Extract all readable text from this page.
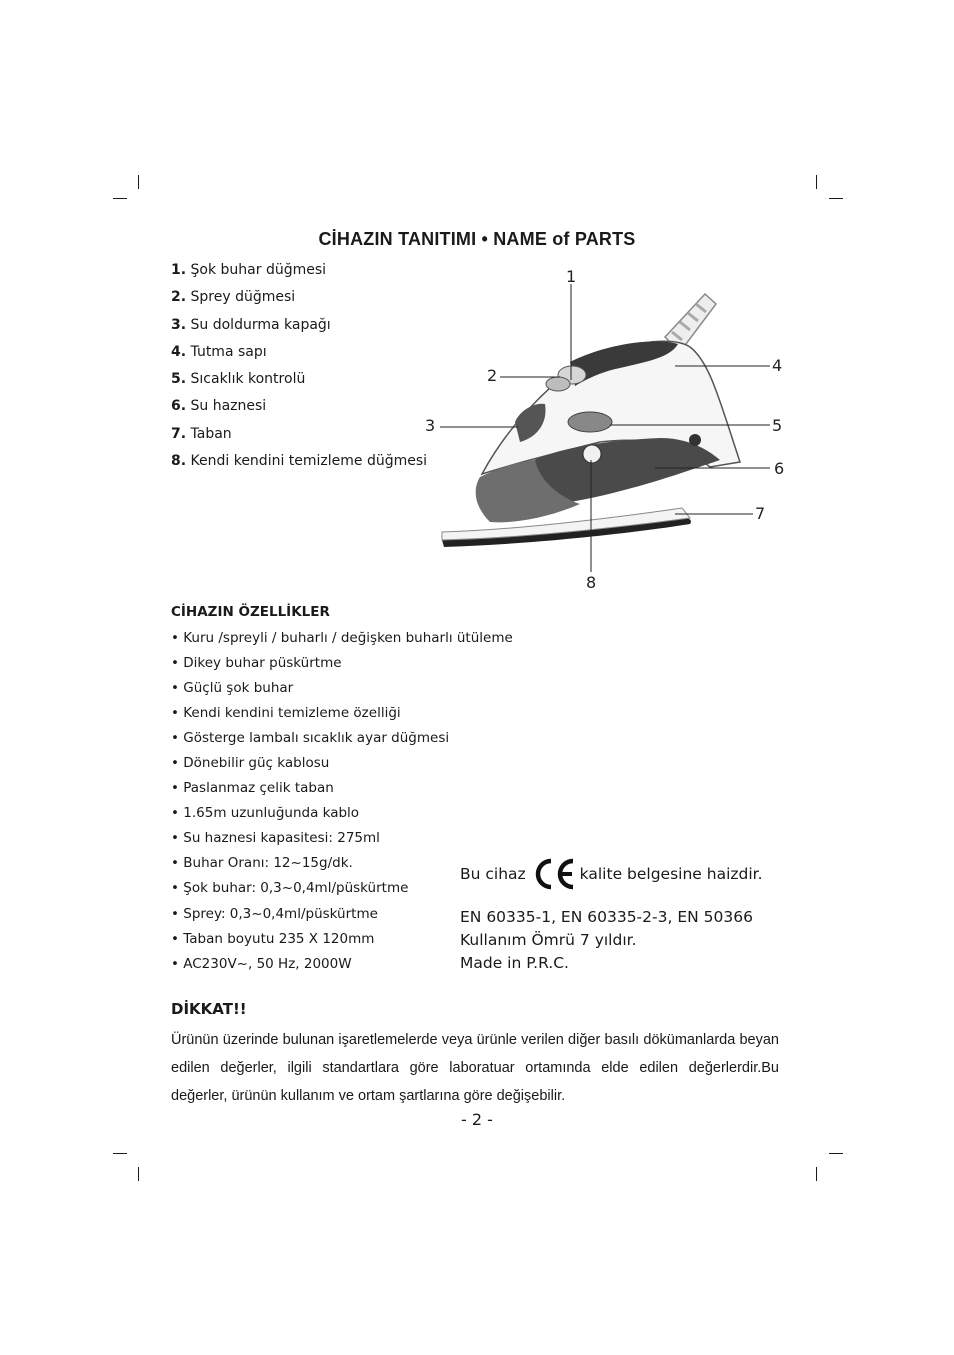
CİHAZIN TANITIMI • NAME of PARTS
1. Şok buhar düğmesi
2. Sprey düğmesi
3. Su doldurma kapağı
4. Tutma sapı
5. Sıcaklık kontrolü
6. Su haznesi
7. Taban
8. Kendi kendini temizleme düğmesi
1
2
3
4
5
6
7
8
CİHAZIN ÖZELLİKLER
• Kuru /spreyli / buharlı / değişken buharlı ütüleme
• Dikey buhar püskürtme
• Güçlü şok buhar
• Kendi kendini temizleme özelliği
• Gösterge lambalı sıcaklık ayar düğmesi
• Dönebilir güç kablosu
• Paslanmaz çelik taban
• 1.65m uzunluğunda kablo
• Su haznesi kapasitesi: 275ml
• Buhar Oranı: 12~15g/dk.
• Şok buhar: 0,3~0,4ml/püskürtme
• Sprey: 0,3~0,4ml/püskürtme
• Taban boyutu 235 X 120mm
• AC230V~, 50 Hz, 2000W
Bu cihaz	kalite belgesine haizdir.
EN 60335-1, EN 60335-2-3, EN 50366
Kullanım Ömrü 7 yıldır.
Made in P.R.C.
DİKKAT!!
Ürünün üzerinde bulunan işaretlemelerde veya ürünle verilen diğer basılı dökümanlarda beyan edilen değerler, ilgili standartlara göre laboratuar ortamında elde edilen değerlerdir.Bu değerler, ürünün kullanım ve ortam şartlarına göre değişebilir.
- 2 -
